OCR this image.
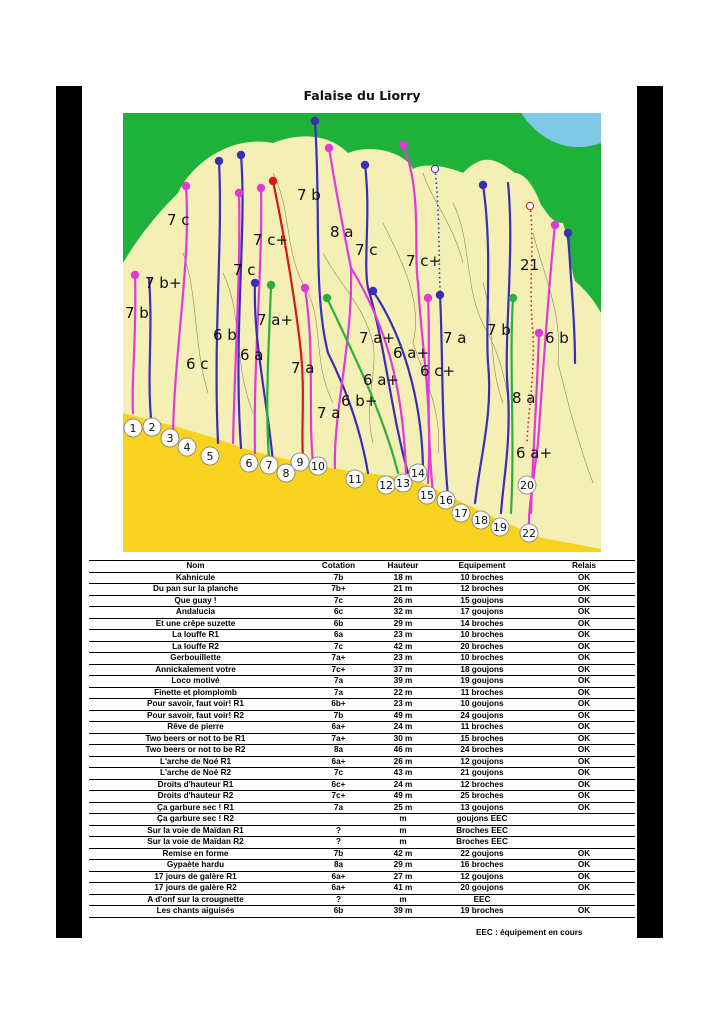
Falaise du Liorry
7 b
7 b+
7 c
7 c+
7 c
6 b
6 c 6 a
7 a+
7 a
7 b
8 a
7 c
7 a+
6 a+
6 a+
6 b+
7 a
7 c+
6 c+
7 a 7 b
8 a
6 a+
21
6 b
1 2
3
4
5
6 7
8
9 10
11 12 13
14
15 16
17
18
19
20
22
Nom	Cotation	Hauteur	Equipement	Relais
Kahnicule	7b	18 m	10 broches	OK
Du pan sur la planche	7b+	21 m	12 broches	OK
Que guay !	7c	26 m	15 goujons	OK
Andalucia	6c	32 m	17 goujons	OK
Et une crêpe suzette	6b	29 m	14 broches	OK
La louffe R1	6a	23 m	10 broches	OK
La louffe R2	7c	42 m	20 broches	OK
Gerbouillette	7a+	23 m	10 broches	OK
Annickalement votre	7c+	37 m	18 goujons	OK
Loco motivé	7a	39 m	19 goujons	OK
Finette et plomplomb	7a	22 m	11 broches	OK
Pour savoir, faut voir! R1	6b+	23 m	10 goujons	OK
Pour savoir, faut voir! R2	7b	49 m	24 goujons	OK
Rêve de pierre	6a+	24 m	11 broches	OK
Two beers or not to be R1	7a+	30 m	15 broches	OK
Two beers or not to be R2	8a	46 m	24 broches	OK
L'arche de Noé R1	6a+	26 m	12 goujons	OK
L'arche de Noé R2	7c	43 m	21 goujons	OK
Droits d'hauteur R1	6c+	24 m	12 broches	OK
Droits d'hauteur R2	7c+	49 m	25 broches	OK
Ça garbure sec ! R1	7a	25 m	13 goujons	OK
Ça garbure sec ! R2		m	goujons EEC	
Sur la voie de Maïdan R1	?	m	Broches EEC	
Sur la voie de Maïdan R2	?	m	Broches EEC	
Remise en forme	7b	42 m	22 goujons	OK
Gypaète hardu	8a	29 m	16 broches	OK
17 jours de galère R1	6a+	27 m	12 goujons	OK
17 jours de galère R2	6a+	41 m	20 goujons	OK
A d'onf sur la crougnette	?	m	EEC	
Les chants aiguisés	6b	39 m	19 broches	OK
EEC : équipement en cours
